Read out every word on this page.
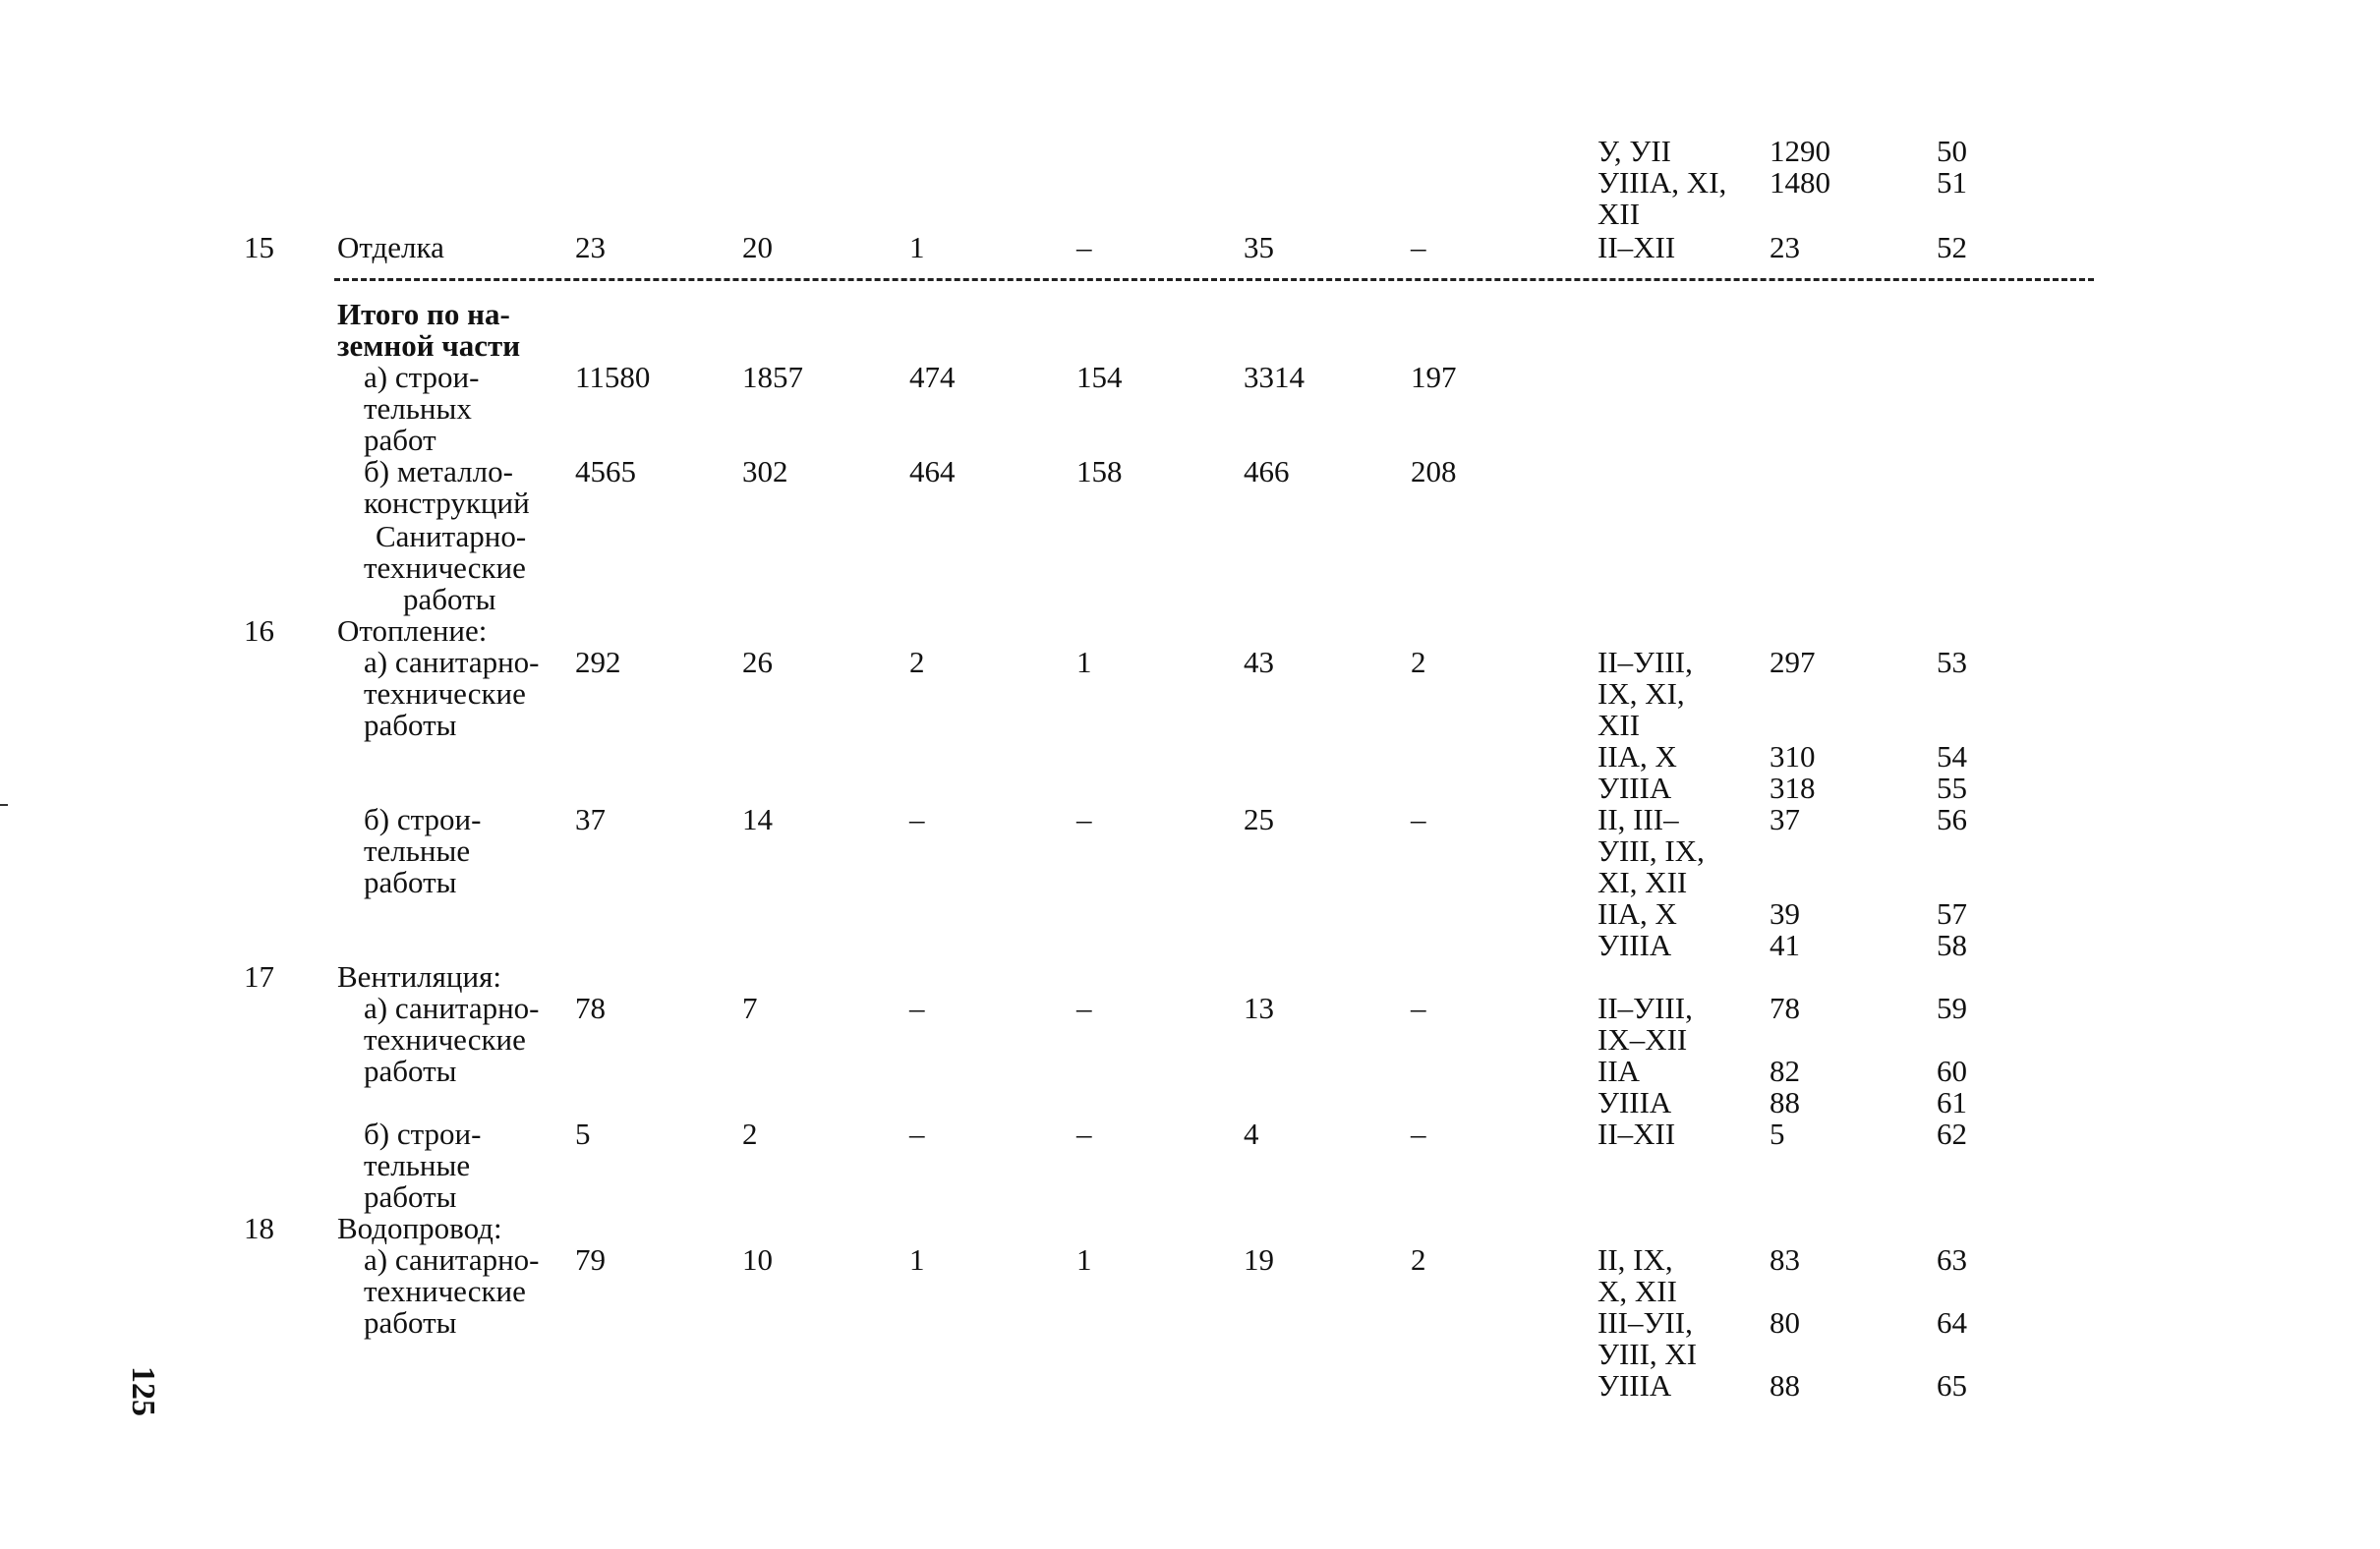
125
У, УII	1290	50
УIIIА, ХI, 1480	51
ХII
15 Отделка	23	20	1	–	35	–	II–XII	23	52
Итого по на-
земной части
а) строи-	11580	1857	474	154	3314	197
тельных
работ
б) металло- 4565	302	464	158	466	208
конструкций
Санитарно-
технические
работы
16 Отопление:
а) санитарно- 292	26	2	1	43	2	II–УIII,	297	53
технические	IX, XI,
работы	ХII
IIА, Х	310	54
УIIIА	318	55
б) строи-	37	14	–	–	25	–	II, III–	37	56
тельные	УIII, IX,
работы	XI, XII
IIА, Х	39	57
УIIIА	41	58
17 Вентиляция:
а) санитарно- 78	7	–	–	13	–	II–УIII,	78	59
технические	IX–XII
работы	IIА	82	60
УIIIА	88	61
б) строи-	5	2	–	–	4	–	II–XII	5	62
тельные
работы
18 Водопровод:
а) санитарно- 79	10	1	1	19	2	II, IX,	83	63
технические	X, XII
работы	III–УII,	80	64
УIII, XI
УIIIА	88	65
